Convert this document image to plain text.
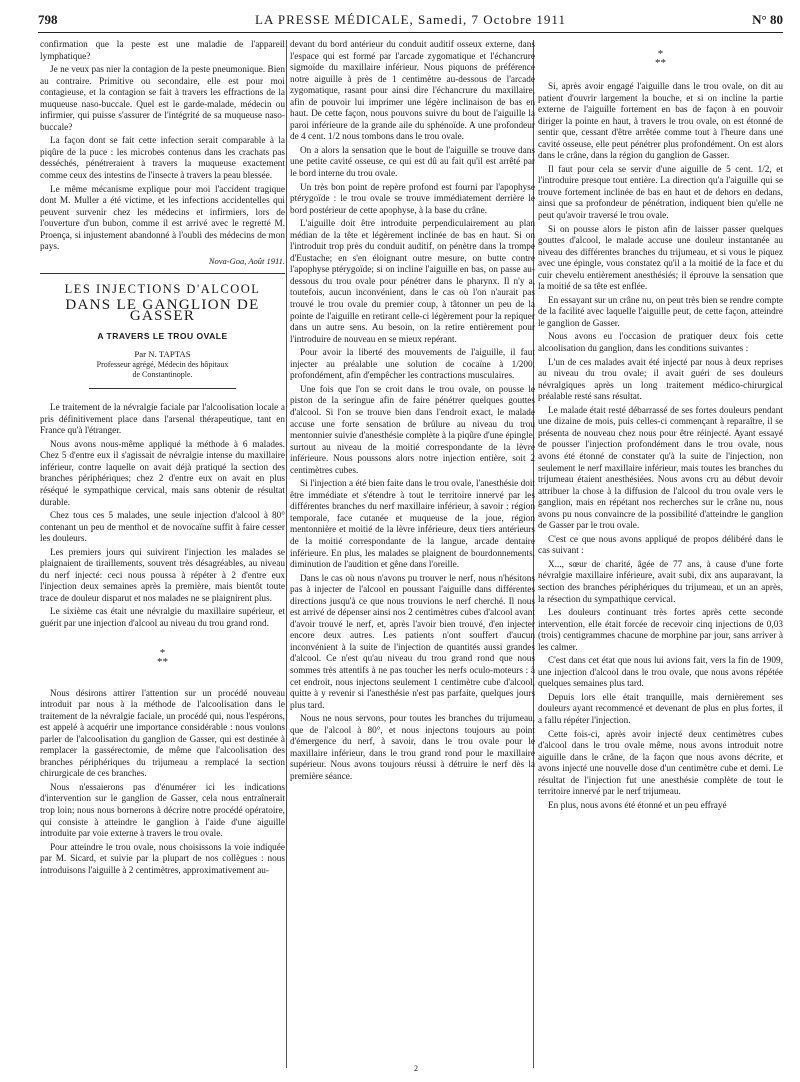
798	LA PRESSE MÉDICALE, Samedi, 7 Octobre 1911	N° 80

confirmation que la peste est une maladie de l'appareil lymphatique?

Je ne veux pas nier la contagion de la peste pneumonique. Bien au contraire. Primitive ou secondaire, elle est pour moi contagieuse, et la contagion se fait à travers les effractions de la muqueuse naso-buccale. Quel est le garde-malade, médecin ou infirmier, qui puisse s'assurer de l'intégrité de sa muqueuse naso-buccale?

La façon dont se fait cette infection serait comparable à la piqûre de la puce : les microbes contenus dans les crachats pas desséchés, pénétreraient à travers la muqueuse exactement comme ceux des intestins de l'insecte à travers la peau blessée.

Le même mécanisme explique pour moi l'accident tragique dont M. Muller a été victime, et les infections accidentelles qui peuvent survenir chez les médecins et infirmiers, lors de l'ouverture d'un bubon, comme il est arrivé avec le regretté M. Proença, si injustement abandonné à l'oubli des médecins de mon pays.

Nova-Goa, Août 1911.
LES INJECTIONS D'ALCOOL
DANS LE GANGLION DE GASSER
A TRAVERS LE TROU OVALE
Par N. TAPTAS
Professeur agrégé, Médecin des hôpitaux
de Constantinople.

Le traitement de la névralgie faciale par l'alcoolisation locale a pris définitivement place dans l'arsenal thérapeutique, tant en France qu'à l'étranger.

Nous avons nous-même appliqué la méthode à 6 malades. Chez 5 d'entre eux il s'agissait de névralgie intense du maxillaire inférieur, contre laquelle on avait déjà pratiqué la section des branches périphériques; chez 2 d'entre eux on avait en plus réséqué le sympathique cervical, mais sans obtenir de résultat durable.

Chez tous ces 5 malades, une seule injection d'alcool à 80° contenant un peu de menthol et de novocaïne suffit à faire cesser les douleurs.

Les premiers jours qui suivirent l'injection les malades se plaignaient de tiraillements, souvent très désagréables, au niveau du nerf injecté: ceci nous poussa à répéter à 2 d'entre eux l'injection deux semaines après la première, mais bientôt toute trace de douleur disparut et nos malades ne se plaignirent plus.

Le sixième cas était une névralgie du maxillaire supérieur, et guérit par une injection d'alcool au niveau du trou grand rond.

*
**

Nous désirons attirer l'attention sur un procédé nouveau introduit par nous à la méthode de l'alcoolisation dans le traitement de la névralgie faciale, un procédé qui, nous l'espérons, est appelé à acquérir une importance considérable : nous voulons parler de l'alcoolisation du ganglion de Gasser, qui est destinée à remplacer la gassérectomie, de même que l'alcoolisation des branches périphériques du trijumeau a remplacé la section chirurgicale de ces branches.

Nous n'essaierons pas d'énumérer ici les indications d'intervention sur le ganglion de Gasser, cela nous entraînerait trop loin; nous nous bornerons à décrire notre procédé opératoire, qui consiste à atteindre le ganglion à l'aide d'une aiguille introduite par voie externe à travers le trou ovale.

Pour atteindre le trou ovale, nous choisissons la voie indiquée par M. Sicard, et suivie par la plupart de nos collègues : nous introduisons l'aiguille à 2 centimètres, approximativement au-

devant du bord antérieur du conduit auditif osseux externe, dans l'espace qui est formé par l'arcade zygomatique et l'échancrure sigmoïde du maxillaire inférieur. Nous piquons de préférence notre aiguille à près de 1 centimètre au-dessous de l'arcade zygomatique, rasant pour ainsi dire l'échancrure du maxillaire, afin de pouvoir lui imprimer une légère inclinaison de bas en haut. De cette façon, nous pouvons suivre du bout de l'aiguille la paroi inférieure de la grande aile du sphénoïde. A une profondeur de 4 cent. 1/2 nous tombons dans le trou ovale.

On a alors la sensation que le bout de l'aiguille se trouve dans une petite cavité osseuse, ce qui est dû au fait qu'il est arrêté par le bord interne du trou ovale.

Un très bon point de repère profond est fourni par l'apophyse ptérygoïde : le trou ovale se trouve immédiatement derrière le bord postérieur de cette apophyse, à la base du crâne.

L'aiguille doit être introduite perpendiculairement au plan médian de la tête et légèrement inclinée de bas en haut. Si on l'introduit trop près du conduit auditif, on pénètre dans la trompe d'Eustache; en s'en éloignant outre mesure, on butte contre l'apophyse ptérygoïde; si on incline l'aiguille en bas, on passe au-dessous du trou ovale pour pénétrer dans le pharynx. Il n'y a, toutefois, aucun inconvénient, dans le cas où l'on n'aurait pas trouvé le trou ovale du premier coup, à tâtonner un peu de la pointe de l'aiguille en retirant celle-ci légèrement pour la repiquer dans un autre sens. Au besoin, on la retire entièrement pour l'introduire de nouveau en se mieux repérant.

Pour avoir la liberté des mouvements de l'aiguille, il faut injecter au préalable une solution de cocaïne à 1/200, profondément, afin d'empêcher les contractions musculaires.

Une fois que l'on se croit dans le trou ovale, on pousse le piston de la seringue afin de faire pénétrer quelques gouttes d'alcool. Si l'on se trouve bien dans l'endroit exact, le malade accuse une forte sensation de brûlure au niveau du trou mentonnier suivie d'anesthésie complète à la piqûre d'une épingle, surtout au niveau de la moitié correspondante de la lèvre inférieure. Nous poussons alors notre injection entière, soit 2 centimètres cubes.

Si l'injection a été bien faite dans le trou ovale, l'anesthésie doit être immédiate et s'étendre à tout le territoire innervé par les différentes branches du nerf maxillaire inférieur, à savoir : région temporale, face cutanée et muqueuse de la joue, région mentonnière et moitié de la lèvre inférieure, deux tiers antérieurs de la moitié correspondante de la langue, arcade dentaire inférieure. En plus, les malades se plaignent de bourdonnements, diminution de l'audition et gêne dans l'oreille.

Dans le cas où nous n'avons pu trouver le nerf, nous n'hésitons pas à injecter de l'alcool en poussant l'aiguille dans différentes directions jusqu'à ce que nous trouvions le nerf cherché. Il nous est arrivé de dépenser ainsi nos 2 centimètres cubes d'alcool avant d'avoir trouvé le nerf, et, après l'avoir bien trouvé, d'en injecter encore deux autres. Les patients n'ont souffert d'aucun inconvénient à la suite de l'injection de quantités aussi grandes d'alcool. Ce n'est qu'au niveau du trou grand rond que nous sommes très attentifs à ne pas toucher les nerfs oculo-moteurs : à cet endroit, nous injectons seulement 1 centimètre cube d'alcool, quitte à y revenir si l'anesthésie n'est pas parfaite, quelques jours plus tard.

Nous ne nous servons, pour toutes les branches du trijumeau, que de l'alcool à 80°, et nous injectons toujours au point d'émergence du nerf, à savoir, dans le trou ovale pour le maxillaire inférieur, dans le trou grand rond pour le maxillaire supérieur. Nous avons toujours réussi à détruire le nerf dès la première séance.

*
**

Si, après avoir engagé l'aiguille dans le trou ovale, on dit au patient d'ouvrir largement la bouche, et si on incline la partie externe de l'aiguille fortement en bas de façon à en pouvoir diriger la pointe en haut, à travers le trou ovale, on est étonné de sentir que, cessant d'être arrêtée comme tout à l'heure dans une cavité osseuse, elle peut pénétrer plus profondément. On est alors dans le crâne, dans la région du ganglion de Gasser.

Il faut pour cela se servir d'une aiguille de 5 cent. 1/2, et l'introduire presque tout entière. La direction qu'a l'aiguille qui se trouve fortement inclinée de bas en haut et de dehors en dedans, ainsi que sa profondeur de pénétration, indiquent bien qu'elle ne peut qu'avoir traversé le trou ovale.

Si on pousse alors le piston afin de laisser passer quelques gouttes d'alcool, le malade accuse une douleur instantanée au niveau des différentes branches du trijumeau, et si vous le piquez avec une épingle, vous constatez qu'il a la moitié de la face et du cuir chevelu entièrement anesthésiés; il éprouve la sensation que la moitié de sa tête est enflée.

En essayant sur un crâne nu, on peut très bien se rendre compte de la facilité avec laquelle l'aiguille peut, de cette façon, atteindre le ganglion de Gasser.

Nous avons eu l'occasion de pratiquer deux fois cette alcoolisation du ganglion, dans les conditions suivantes :

L'un de ces malades avait été injecté par nous à deux reprises au niveau du trou ovale; il avait guéri de ses douleurs névralgiques après un long traitement médico-chirurgical préalable resté sans résultat.

Le malade était resté débarrassé de ses fortes douleurs pendant une dizaine de mois, puis celles-ci commençant à reparaître, il se présenta de nouveau chez nous pour être réinjecté. Ayant essayé de pousser l'injection profondément dans le trou ovale, nous avons été étonné de constater qu'à la suite de l'injection, non seulement le nerf maxillaire inférieur, mais toutes les branches du trijumeau étaient anesthésiées. Nous avons cru au début devoir attribuer la chose à la diffusion de l'alcool du trou ovale vers le ganglion, mais en répétant nos recherches sur le crâne nu, nous avons pu nous convaincre de la possibilité d'atteindre le ganglion de Gasser par le trou ovale.

C'est ce que nous avons appliqué de propos délibéré dans le cas suivant :

X..., sœur de charité, âgée de 77 ans, à cause d'une forte névralgie maxillaire inférieure, avait subi, dix ans auparavant, la section des branches périphériques du trijumeau, et un an après, la résection du sympathique cervical.

Les douleurs continuant très fortes après cette seconde intervention, elle était forcée de recevoir cinq injections de 0,03 (trois) centigrammes chacune de morphine par jour, sans arriver à les calmer.

C'est dans cet état que nous lui avions fait, vers la fin de 1909, une injection d'alcool dans le trou ovale, que nous avons répétée quelques semaines plus tard.

Depuis lors elle était tranquille, mais dernièrement ses douleurs ayant recommencé et devenant de plus en plus fortes, il a fallu répéter l'injection.

Cette fois-ci, après avoir injecté deux centimètres cubes d'alcool dans le trou ovale même, nous avons introduit notre aiguille dans le crâne, de la façon que nous avons décrite, et avons injecté une nouvelle dose d'un centimètre cube et demi. Le résultat de l'injection fut une anesthésie complète de tout le territoire innervé par le nerf trijumeau.

En plus, nous avons été étonné et un peu effrayé

2
